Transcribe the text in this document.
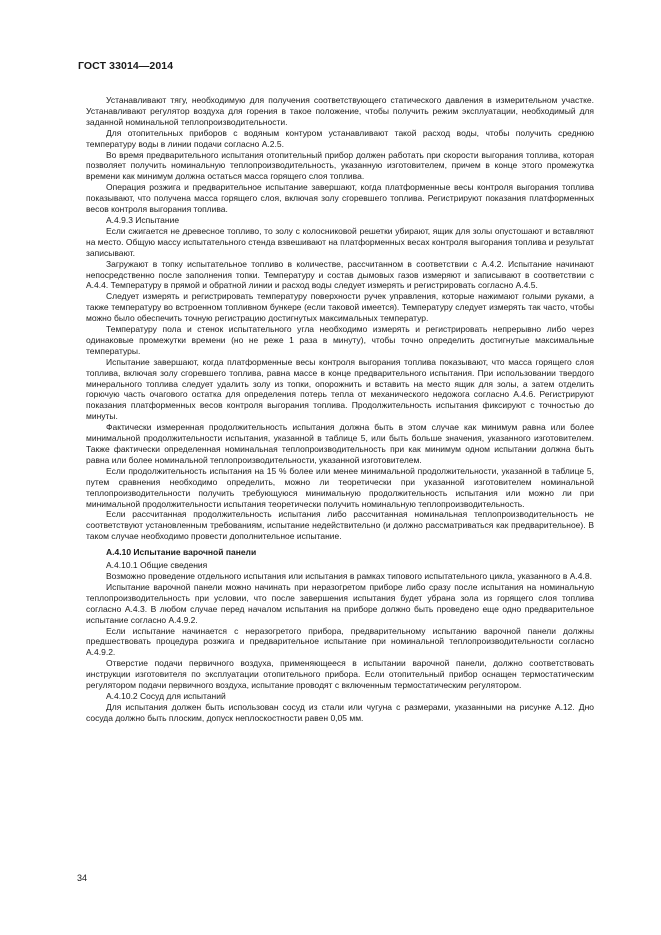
ГОСТ 33014—2014

Устанавливают тягу, необходимую для получения соответствующего статического давления в измерительном участке. Устанавливают регулятор воздуха для горения в такое положение, чтобы получить режим эксплуатации, необходимый для заданной номинальной теплопроизводительности.

Для отопительных приборов с водяным контуром устанавливают такой расход воды, чтобы получить среднюю температуру воды в линии подачи согласно А.2.5.

Во время предварительного испытания отопительный прибор должен работать при скорости выгорания топлива, которая позволяет получить номинальную теплопроизводительность, указанную изготовителем, причем в конце этого промежутка времени как минимум должна остаться масса горящего слоя топлива.

Операция розжига и предварительное испытание завершают, когда платформенные весы контроля выгорания топлива показывают, что получена масса горящего слоя, включая золу сгоревшего топлива. Регистрируют показания платформенных весов контроля выгорания топлива.

А.4.9.3 Испытание

Если сжигается не древесное топливо, то золу с колосниковой решетки убирают, ящик для золы опустошают и вставляют на место. Общую массу испытательного стенда взвешивают на платформенных весах контроля выгорания топлива и результат записывают.

Загружают в топку испытательное топливо в количестве, рассчитанном в соответствии с А.4.2. Испытание начинают непосредственно после заполнения топки. Температуру и состав дымовых газов измеряют и записывают в соответствии с А.4.4. Температуру в прямой и обратной линии и расход воды следует измерять и регистрировать согласно А.4.5.

Следует измерять и регистрировать температуру поверхности ручек управления, которые нажимают голыми руками, а также температуру во встроенном топливном бункере (если таковой имеется). Температуру следует измерять так часто, чтобы можно было обеспечить точную регистрацию достигнутых максимальных температур.

Температуру пола и стенок испытательного угла необходимо измерять и регистрировать непрерывно либо через одинаковые промежутки времени (но не реже 1 раза в минуту), чтобы точно определить достигнутые максимальные температуры.

Испытание завершают, когда платформенные весы контроля выгорания топлива показывают, что масса горящего слоя топлива, включая золу сгоревшего топлива, равна массе в конце предварительного испытания. При использовании твердого минерального топлива следует удалить золу из топки, опорожнить и вставить на место ящик для золы, а затем отделить горючую часть очагового остатка для определения потерь тепла от механического недожога согласно А.4.6. Регистрируют показания платформенных весов контроля выгорания топлива. Продолжительность испытания фиксируют с точностью до минуты.

Фактически измеренная продолжительность испытания должна быть в этом случае как минимум равна или более минимальной продолжительности испытания, указанной в таблице 5, или быть больше значения, указанного изготовителем. Также фактически определенная номинальная теплопроизводительность при как минимум одном испытании должна быть равна или более номинальной теплопроизводительности, указанной изготовителем.

Если продолжительность испытания на 15 % более или менее минимальной продолжительности, указанной в таблице 5, путем сравнения необходимо определить, можно ли теоретически при указанной изготовителем номинальной теплопроизводительности получить требующуюся минимальную продолжительность испытания или можно ли при минимальной продолжительности испытания теоретически получить номинальную теплопроизводительность.

Если рассчитанная продолжительность испытания либо рассчитанная номинальная теплопроизводительность не соответствуют установленным требованиям, испытание недействительно (и должно рассматриваться как предварительное). В таком случае необходимо провести дополнительное испытание.

А.4.10 Испытание варочной панели

А.4.10.1 Общие сведения

Возможно проведение отдельного испытания или испытания в рамках типового испытательного цикла, указанного в А.4.8.

Испытание варочной панели можно начинать при неразогретом приборе либо сразу после испытания на номинальную теплопроизводительность при условии, что после завершения испытания будет убрана зола из горящего слоя топлива согласно А.4.3. В любом случае перед началом испытания на приборе должно быть проведено еще одно предварительное испытание согласно А.4.9.2.

Если испытание начинается с неразогретого прибора, предварительному испытанию варочной панели должны предшествовать процедура розжига и предварительное испытание при номинальной теплопроизводительности согласно А.4.9.2.

Отверстие подачи первичного воздуха, применяющееся в испытании варочной панели, должно соответствовать инструкции изготовителя по эксплуатации отопительного прибора. Если отопительный прибор оснащен термостатическим регулятором подачи первичного воздуха, испытание проводят с включенным термостатическим регулятором.

А.4.10.2 Сосуд для испытаний

Для испытания должен быть использован сосуд из стали или чугуна с размерами, указанными на рисунке А.12. Дно сосуда должно быть плоским, допуск неплоскостности равен 0,05 мм.

34
